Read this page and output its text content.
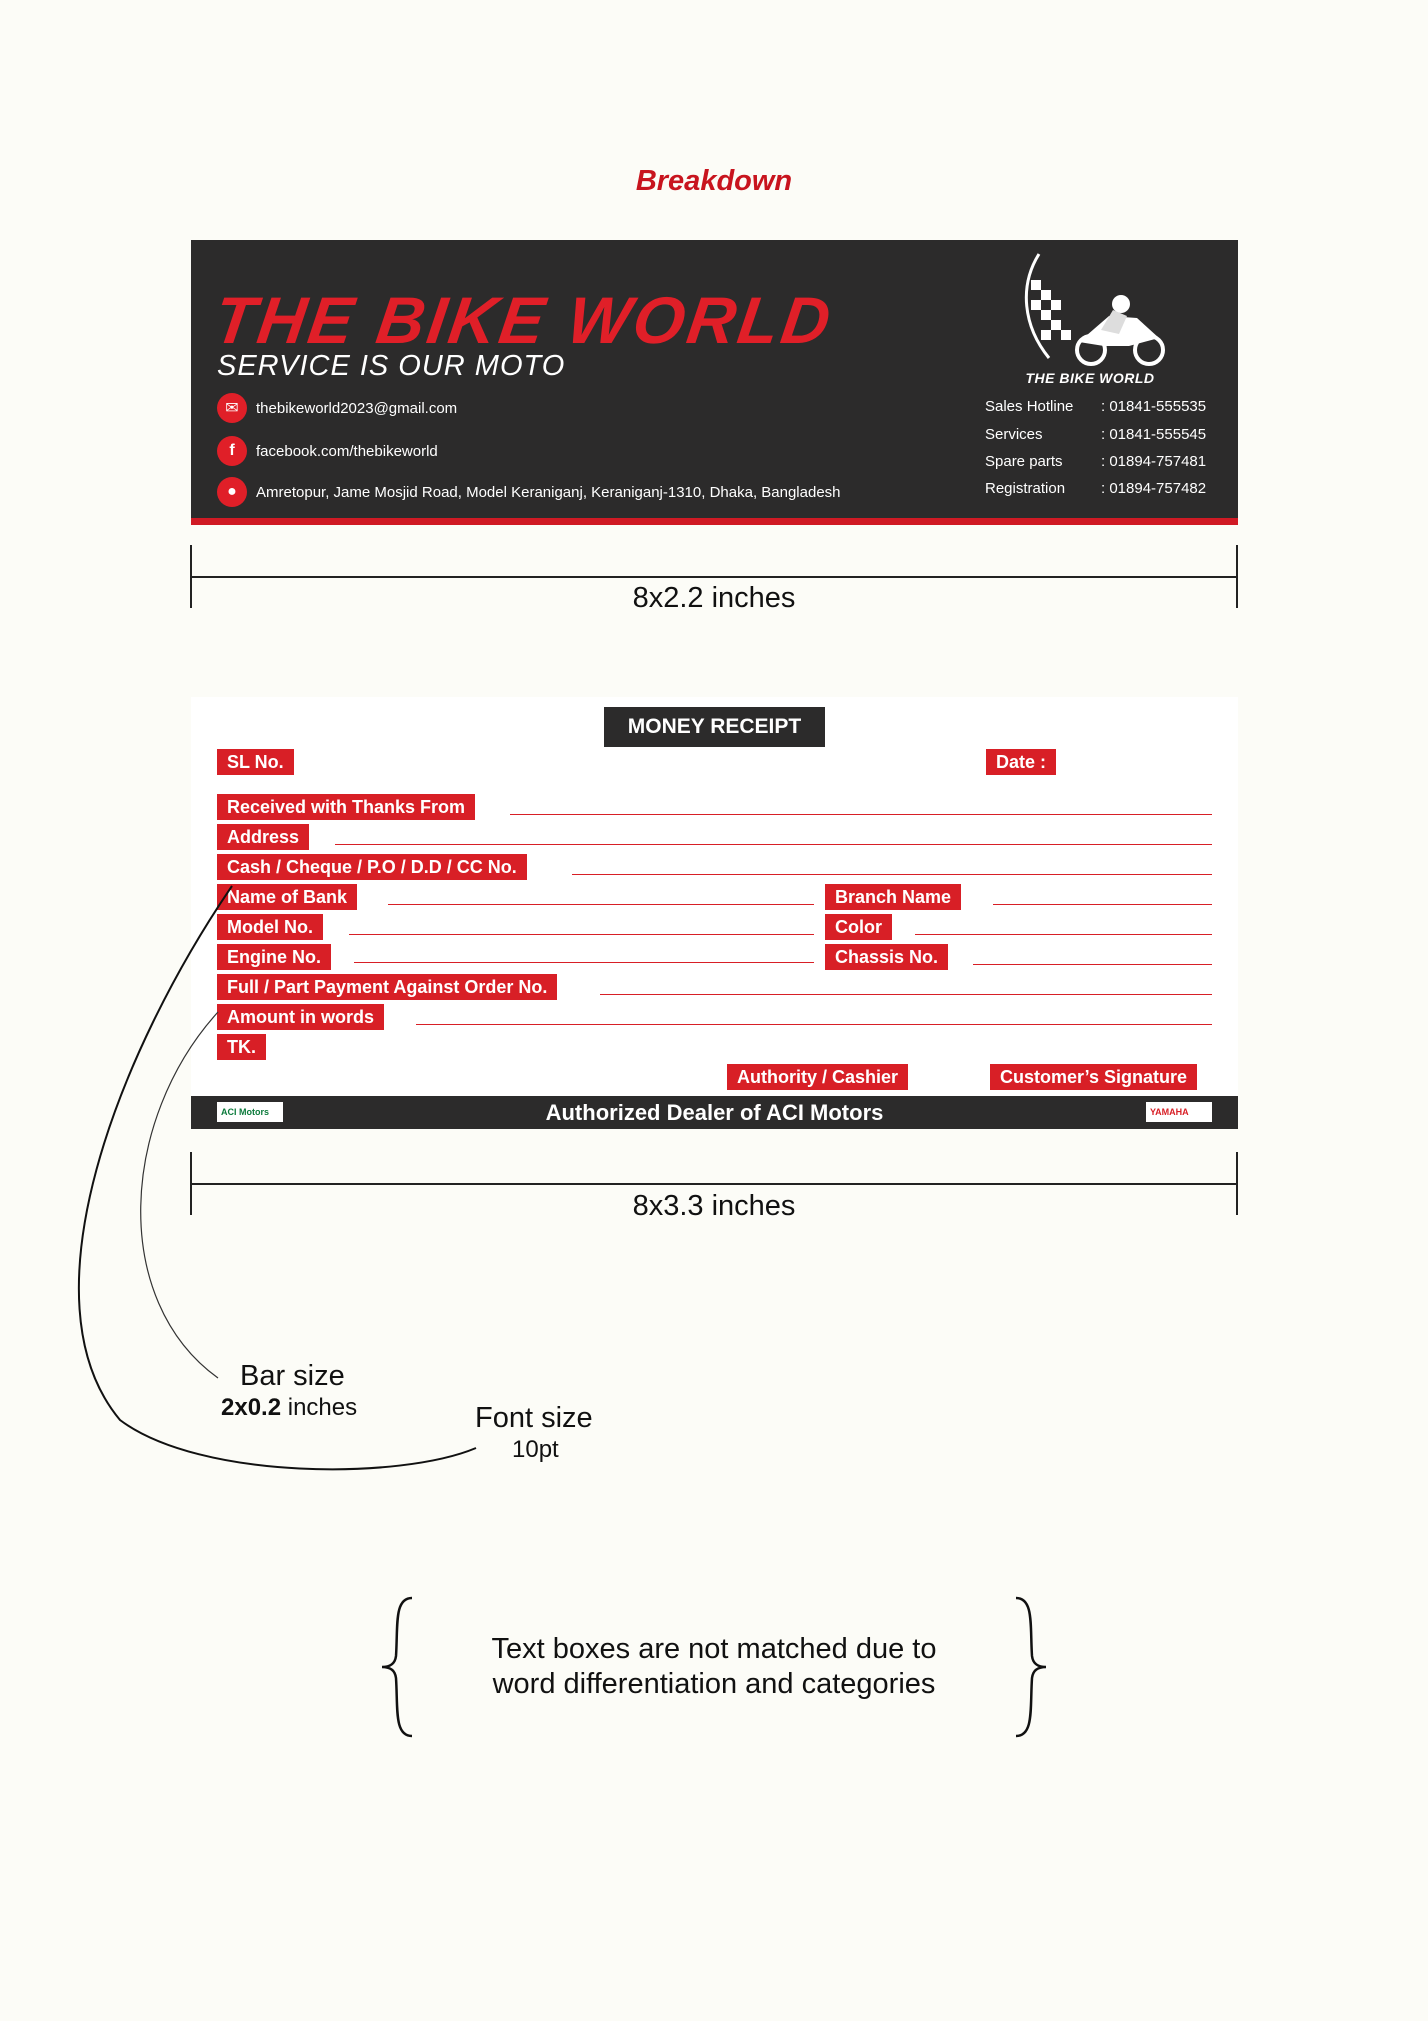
Breakdown
THE BIKE WORLD
SERVICE IS OUR MOTO
✉	thebikeworld2023@gmail.com
f	facebook.com/thebikeworld
●	Amretopur, Jame Mosjid Road, Model Keraniganj, Keraniganj-1310, Dhaka, Bangladesh
THE BIKE WORLD
Sales Hotline : 01841-555535
Services	: 01841-555545
Spare parts	: 01894-757481
Registration : 01894-757482
8x2.2 inches
MONEY RECEIPT
SL No.	Date :
Received with Thanks From
Address
Cash / Cheque / P.O / D.D / CC No.
Name of Bank	Branch Name
Model No.	Color
Engine No.	Chassis No.
Full / Part Payment Against Order No.
Amount in words
TK.
Authority / Cashier	Customer’s Signature
Authorized Dealer of ACI Motors
ACI Motors	YAMAHA
8x3.3 inches
Bar size
2x0.2 inches	Font size
10pt
Text boxes are not matched due to
word differentiation and categories
